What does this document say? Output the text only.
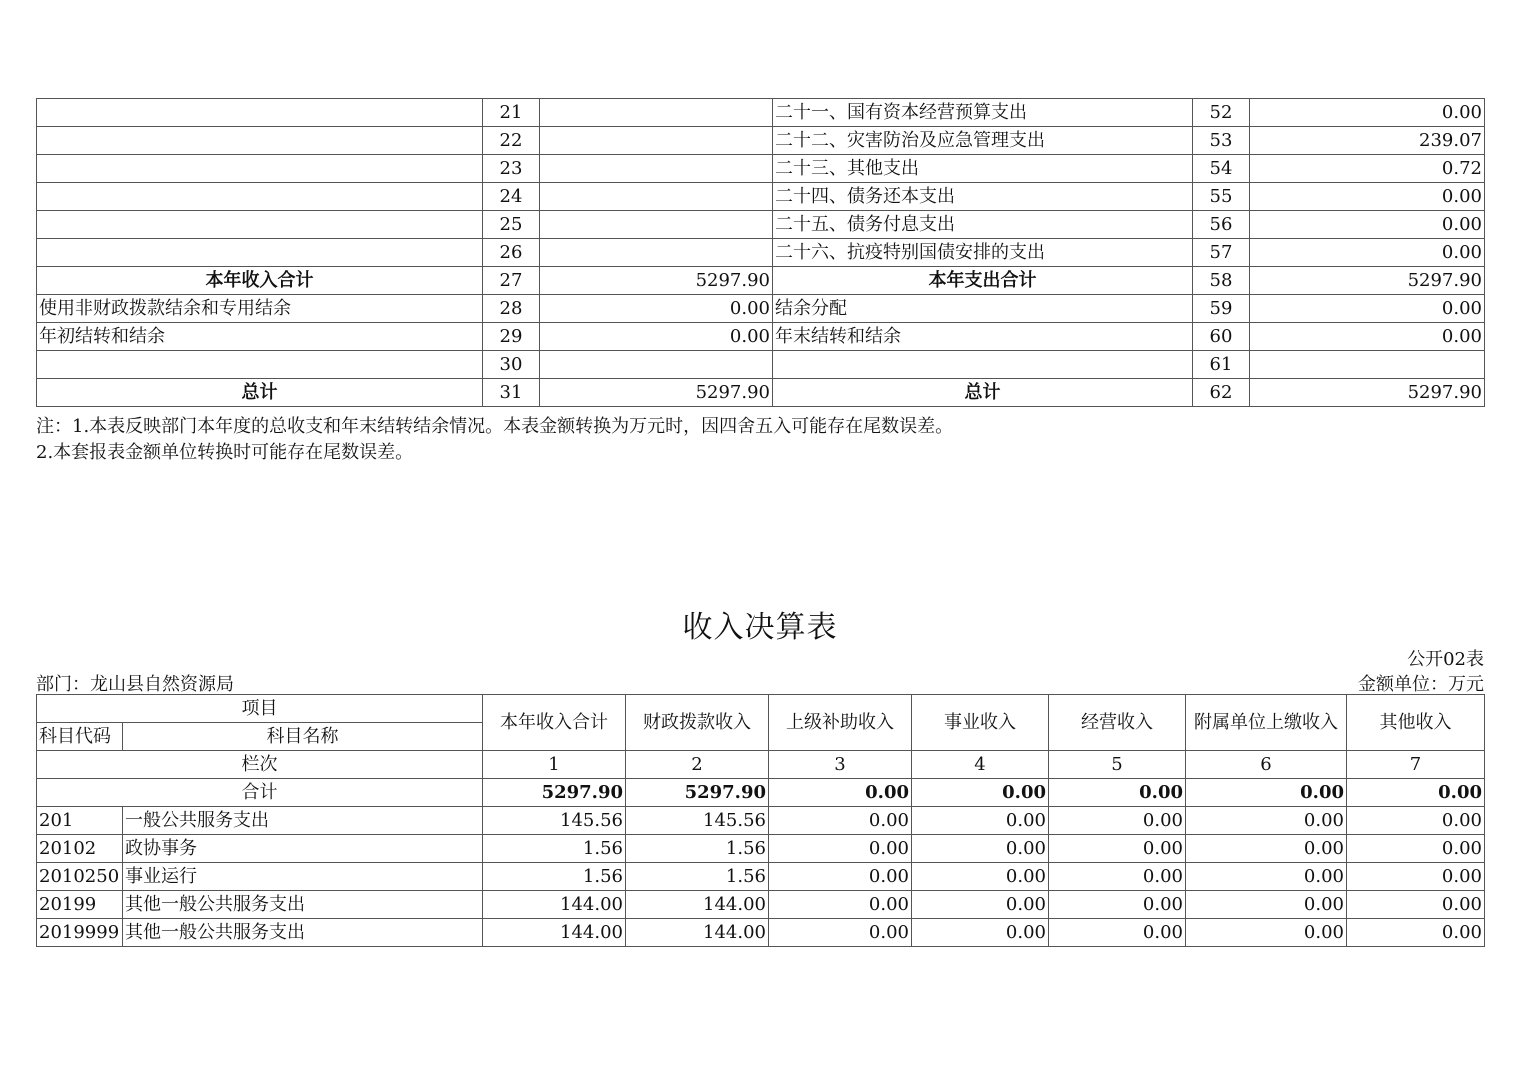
	21		二十一、国有资本经营预算支出	52	0.00
	22		二十二、灾害防治及应急管理支出	53	239.07
	23		二十三、其他支出	54	0.72
	24		二十四、债务还本支出	55	0.00
	25		二十五、债务付息支出	56	0.00
	26		二十六、抗疫特别国债安排的支出	57	0.00
本年收入合计	27	5297.90	本年支出合计	58	5297.90
使用非财政拨款结余和专用结余	28	0.00	结余分配	59	0.00
年初结转和结余	29	0.00	年末结转和结余	60	0.00
	30			61	
总计	31	5297.90	总计	62	5297.90
注：1.本表反映部门本年度的总收支和年末结转结余情况。本表金额转换为万元时，因四舍五入可能存在尾数误差。
2.本套报表金额单位转换时可能存在尾数误差。
收入决算表
公开02表
部门：龙山县自然资源局	金额单位：万元
项目		本年收入合计	财政拨款收入	上级补助收入	事业收入	经营收入	附属单位上缴收入	其他收入
科目代码	科目名称							
栏次		1	2	3	4	5	6	7
合计		5297.90	5297.90	0.00	0.00	0.00	0.00	0.00
201	一般公共服务支出	145.56	145.56	0.00	0.00	0.00	0.00	0.00
20102	政协事务	1.56	1.56	0.00	0.00	0.00	0.00	0.00
2010250	事业运行	1.56	1.56	0.00	0.00	0.00	0.00	0.00
20199	其他一般公共服务支出	144.00	144.00	0.00	0.00	0.00	0.00	0.00
2019999	其他一般公共服务支出	144.00	144.00	0.00	0.00	0.00	0.00	0.00
